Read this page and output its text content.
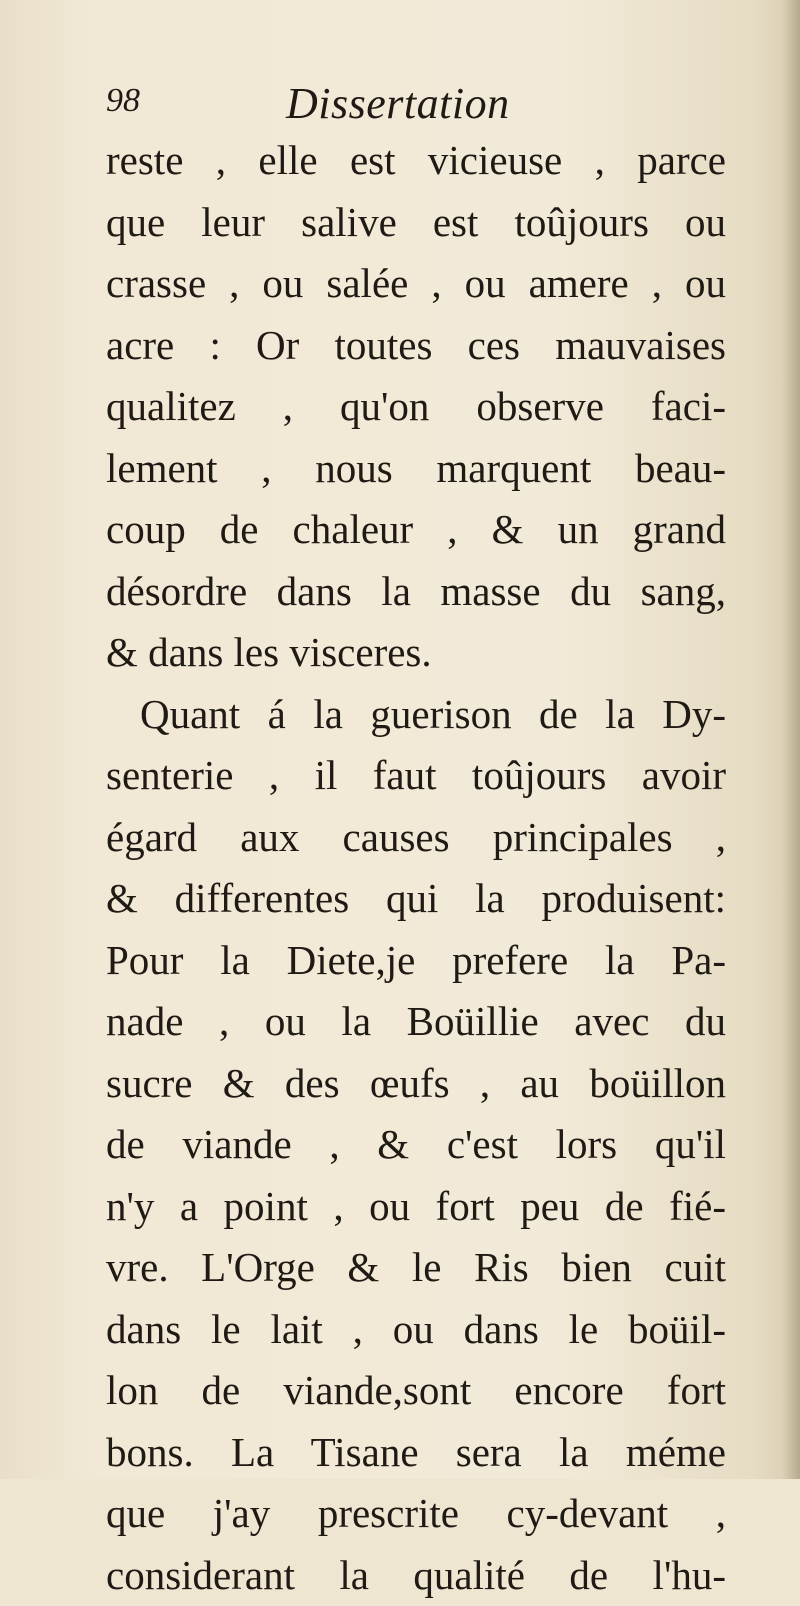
98	Dissertation
reste , elle est vicieuse , parce
que leur salive est toûjours ou
crasse , ou salée , ou amere , ou
acre : Or toutes ces mauvaises
qualitez , qu'on observe faci-
lement , nous marquent beau-
coup de chaleur , & un grand
désordre dans la masse du sang,
& dans les visceres.
Quant á la guerison de la Dy-
senterie , il faut toûjours avoir
égard aux causes principales ,
& differentes qui la produisent:
Pour la Diete,je prefere la Pa-
nade , ou la Boüillie avec du
sucre & des œufs , au boüillon
de viande , & c'est lors qu'il
n'y a point , ou fort peu de fié-
vre. L'Orge & le Ris bien cuit
dans le lait , ou dans le boüil-
lon de viande,sont encore fort
bons. La Tisane sera la méme
que j'ay prescrite cy-devant ,
considerant la qualité de l'hu-
